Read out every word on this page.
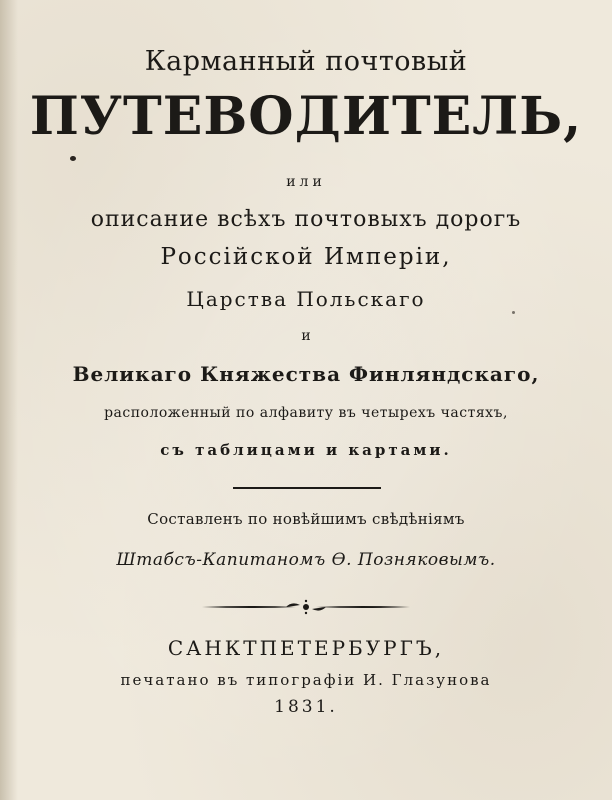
Карманный почтовый
ПУТЕВОДИТЕЛЬ,
или
описание всѣхъ почтовыхъ дорогъ
Россійской Имперіи,
Царства Польскаго
и
Великаго Княжества Финляндскаго,
расположенный по алфавиту въ четырехъ частяхъ,
съ таблицами и картами.
Составленъ по новѣйшимъ свѣдѣніямъ
Штабсъ-Капитаномъ Ѳ. Позняковымъ.
САНКТПЕТЕРБУРГЪ,
печатано въ типографіи И. Глазунова
1831.
